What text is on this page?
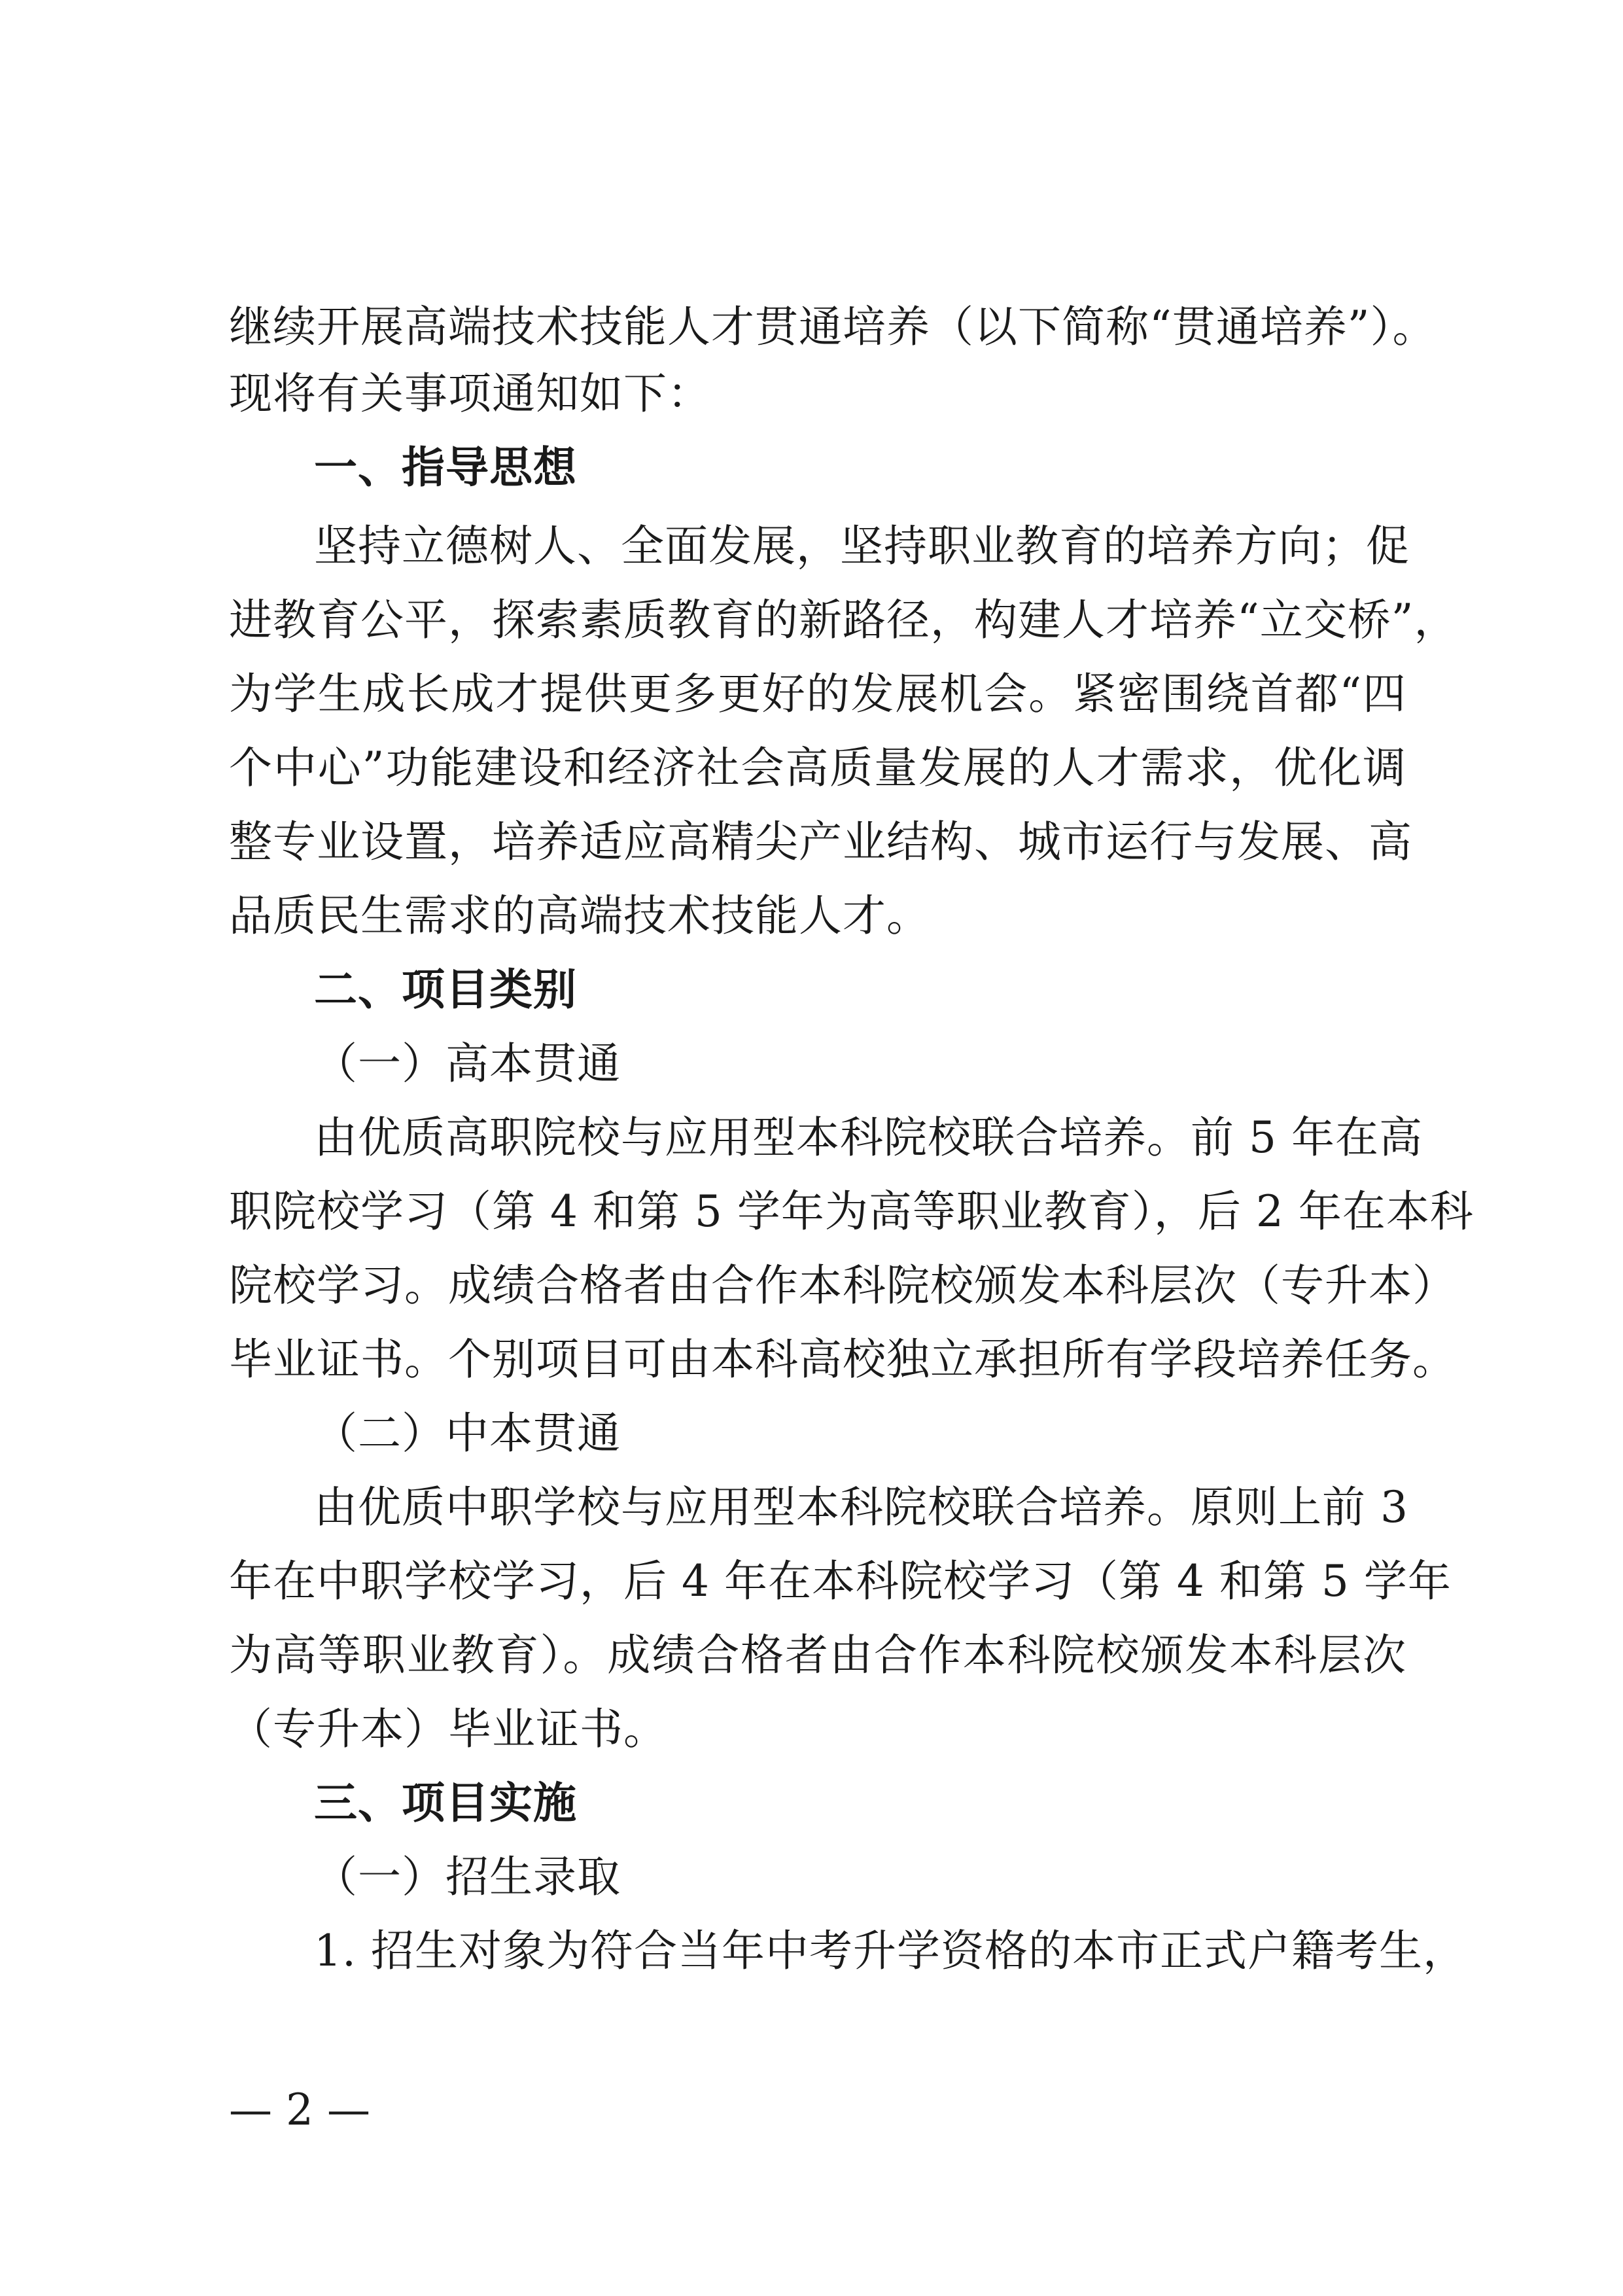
继续开展高端技术技能人才贯通培养（以下简称“贯通培养”）。
现将有关事项通知如下：
一、指导思想
坚持立德树人、全面发展，坚持职业教育的培养方向；促
进教育公平，探索素质教育的新路径，构建人才培养“立交桥”，
为学生成长成才提供更多更好的发展机会。紧密围绕首都“四
个中心”功能建设和经济社会高质量发展的人才需求，优化调
整专业设置，培养适应高精尖产业结构、城市运行与发展、高
品质民生需求的高端技术技能人才。
二、项目类别
（一）高本贯通
由优质高职院校与应用型本科院校联合培养。前 5 年在高
职院校学习（第 4 和第 5 学年为高等职业教育），后 2 年在本科
院校学习。成绩合格者由合作本科院校颁发本科层次（专升本）
毕业证书。个别项目可由本科高校独立承担所有学段培养任务。
（二）中本贯通
由优质中职学校与应用型本科院校联合培养。原则上前 3
年在中职学校学习，后 4 年在本科院校学习（第 4 和第 5 学年
为高等职业教育）。成绩合格者由合作本科院校颁发本科层次
（专升本）毕业证书。
三、项目实施
（一）招生录取
1. 招生对象为符合当年中考升学资格的本市正式户籍考生，
— 2 —
